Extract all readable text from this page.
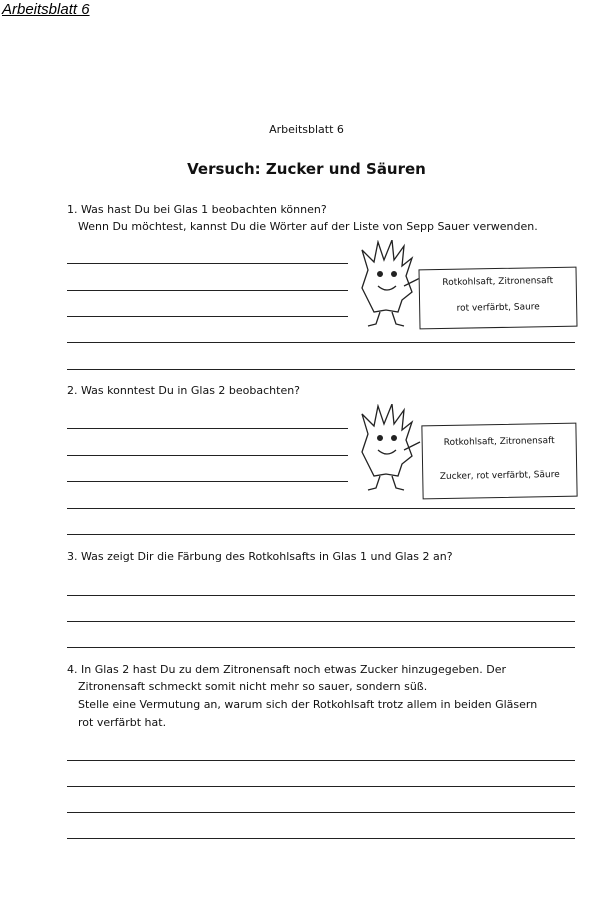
Arbeitsblatt 6
Arbeitsblatt 6
Versuch: Zucker und Säuren
1. Was hast Du bei Glas 1 beobachten können?
Wenn Du möchtest, kannst Du die Wörter auf der Liste von Sepp Sauer verwenden.
Rotkohlsaft, Zitronensaft
rot verfärbt, Saure
2. Was konntest Du in Glas 2 beobachten?
Rotkohlsaft, Zitronensaft
Zucker, rot verfärbt, Säure
3. Was zeigt Dir die Färbung des Rotkohlsafts in Glas 1 und Glas 2 an?
4. In Glas 2 hast Du zu dem Zitronensaft noch etwas Zucker hinzugegeben. Der
Zitronensaft schmeckt somit nicht mehr so sauer, sondern süß.
Stelle eine Vermutung an, warum sich der Rotkohlsaft trotz allem in beiden Gläsern
rot verfärbt hat.
